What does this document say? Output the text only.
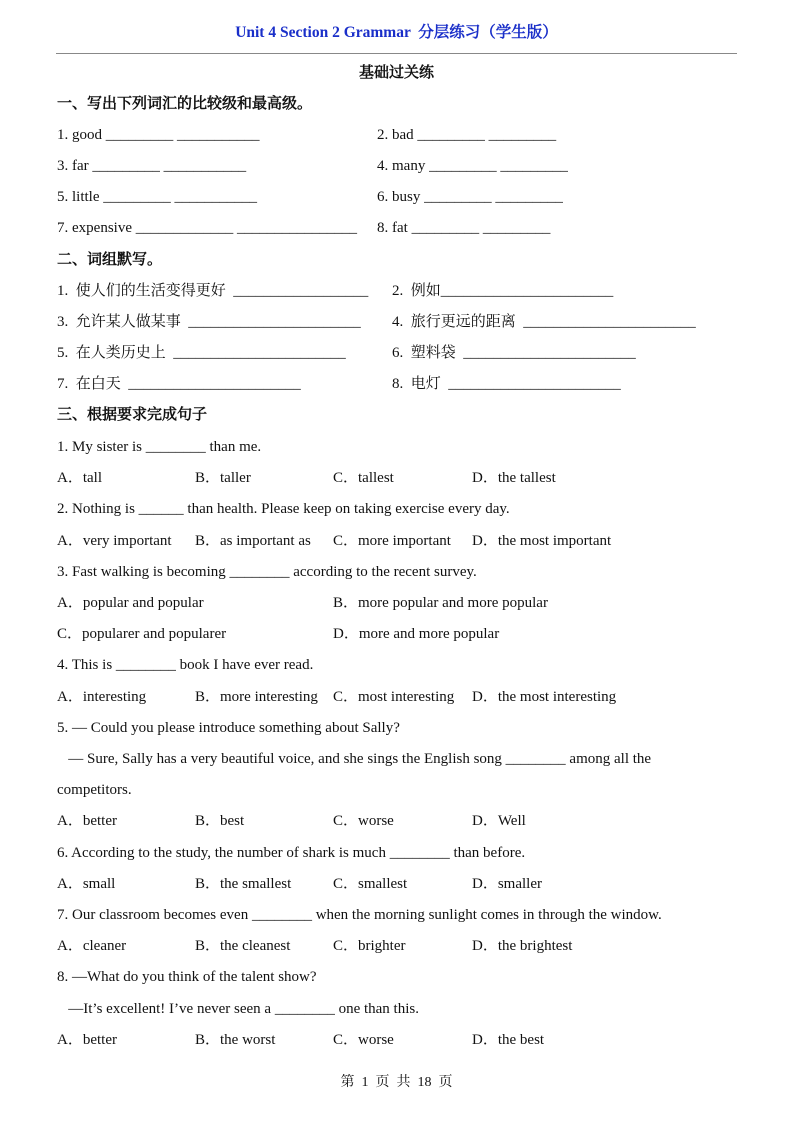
Unit 4 Section 2 Grammar  分层练习（学生版）
基础过关练
第  1  页  共  18  页
一、写出下列词汇的比较级和最高级。
1. good _________ ___________	2. bad _________ _________
3. far _________ ___________	4. many _________ _________
5. little _________ ___________	6. busy _________ _________
7. expensive _____________ ________________ 8. fat _________ _________
二、词组默写。
1.  使人们的生活变得更好  __________________ 2.  例如_______________________
3.  允许某人做某事  _______________________ 4.  旅行更远的距离  _______________________
5.  在人类历史上  _______________________	6.  塑料袋  _______________________
7.  在白天  _______________________	8.  电灯  _______________________
三、根据要求完成句子
1. My sister is ________ than me.
A．tall	B．taller	C．tallest	D．the tallest
2. Nothing is ______ than health. Please keep on taking exercise every day.
A．very important B．as important as C．more important D．the most important
3. Fast walking is becoming ________ according to the recent survey.
A．popular and popular	B．more popular and more popular
C．popularer and popularer	D．more and more popular
4. This is ________ book I have ever read.
A．interesting	B．more interesting C．most interesting D．the most interesting
5. — Could you please introduce something about Sally?
— Sure, Sally has a very beautiful voice, and she sings the English song ________ among all the
competitors.
A．better	B．best	C．worse	D．Well
6. According to the study, the number of shark is much ________ than before.
A．small	B．the smallest	C．smallest	D．smaller
7. Our classroom becomes even ________ when the morning sunlight comes in through the window.
A．cleaner	B．the cleanest	C．brighter	D．the brightest
8. —What do you think of the talent show?
—It’s excellent! I’ve never seen a ________ one than this.
A．better	B．the worst	C．worse	D．the best
